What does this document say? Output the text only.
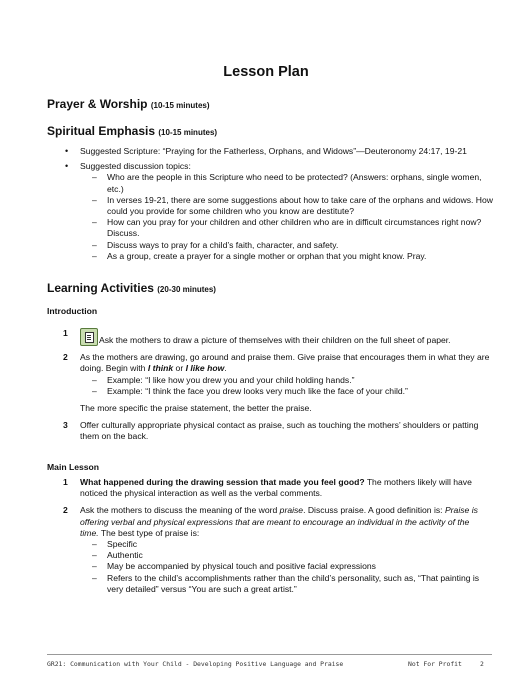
Lesson Plan
Prayer & Worship (10-15 minutes)
Spiritual Emphasis (10-15 minutes)
• Suggested Scripture: “Praying for the Fatherless, Orphans, and Widows”—Deuteronomy 24:17, 19-21
• Suggested discussion topics:
– Who are the people in this Scripture who need to be protected? (Answers: orphans, single women, etc.)
– In verses 19-21, there are some suggestions about how to take care of the orphans and widows. How could you provide for some children who you know are destitute?
– How can you pray for your children and other children who are in difficult circumstances right now? Discuss.
– Discuss ways to pray for a child’s faith, character, and safety.
– As a group, create a prayer for a single mother or orphan that you might know. Pray.
Learning Activities (20-30 minutes)
Introduction
1
Ask the mothers to draw a picture of themselves with their children on the full sheet of paper.
2 As the mothers are drawing, go around and praise them. Give praise that encourages them in what they are doing. Begin with I think or I like how.
– Example: “I like how you drew you and your child holding hands.”
– Example: “I think the face you drew looks very much like the face of your child.”
The more specific the praise statement, the better the praise.
3 Offer culturally appropriate physical contact as praise, such as touching the mothers’ shoulders or patting them on the back.
Main Lesson
1 What happened during the drawing session that made you feel good? The mothers likely will have noticed the physical interaction as well as the verbal comments.
2 Ask the mothers to discuss the meaning of the word praise. Discuss praise. A good definition is: Praise is offering verbal and physical expressions that are meant to encourage an individual in the activity of the time. The best type of praise is:
– Specific
– Authentic
– May be accompanied by physical touch and positive facial expressions
– Refers to the child’s accomplishments rather than the child’s personality, such as, “That painting is very detailed” versus “You are such a great artist.”
GR21: Communication with Your Child - Developing Positive Language and Praise	Not For Profit	2
